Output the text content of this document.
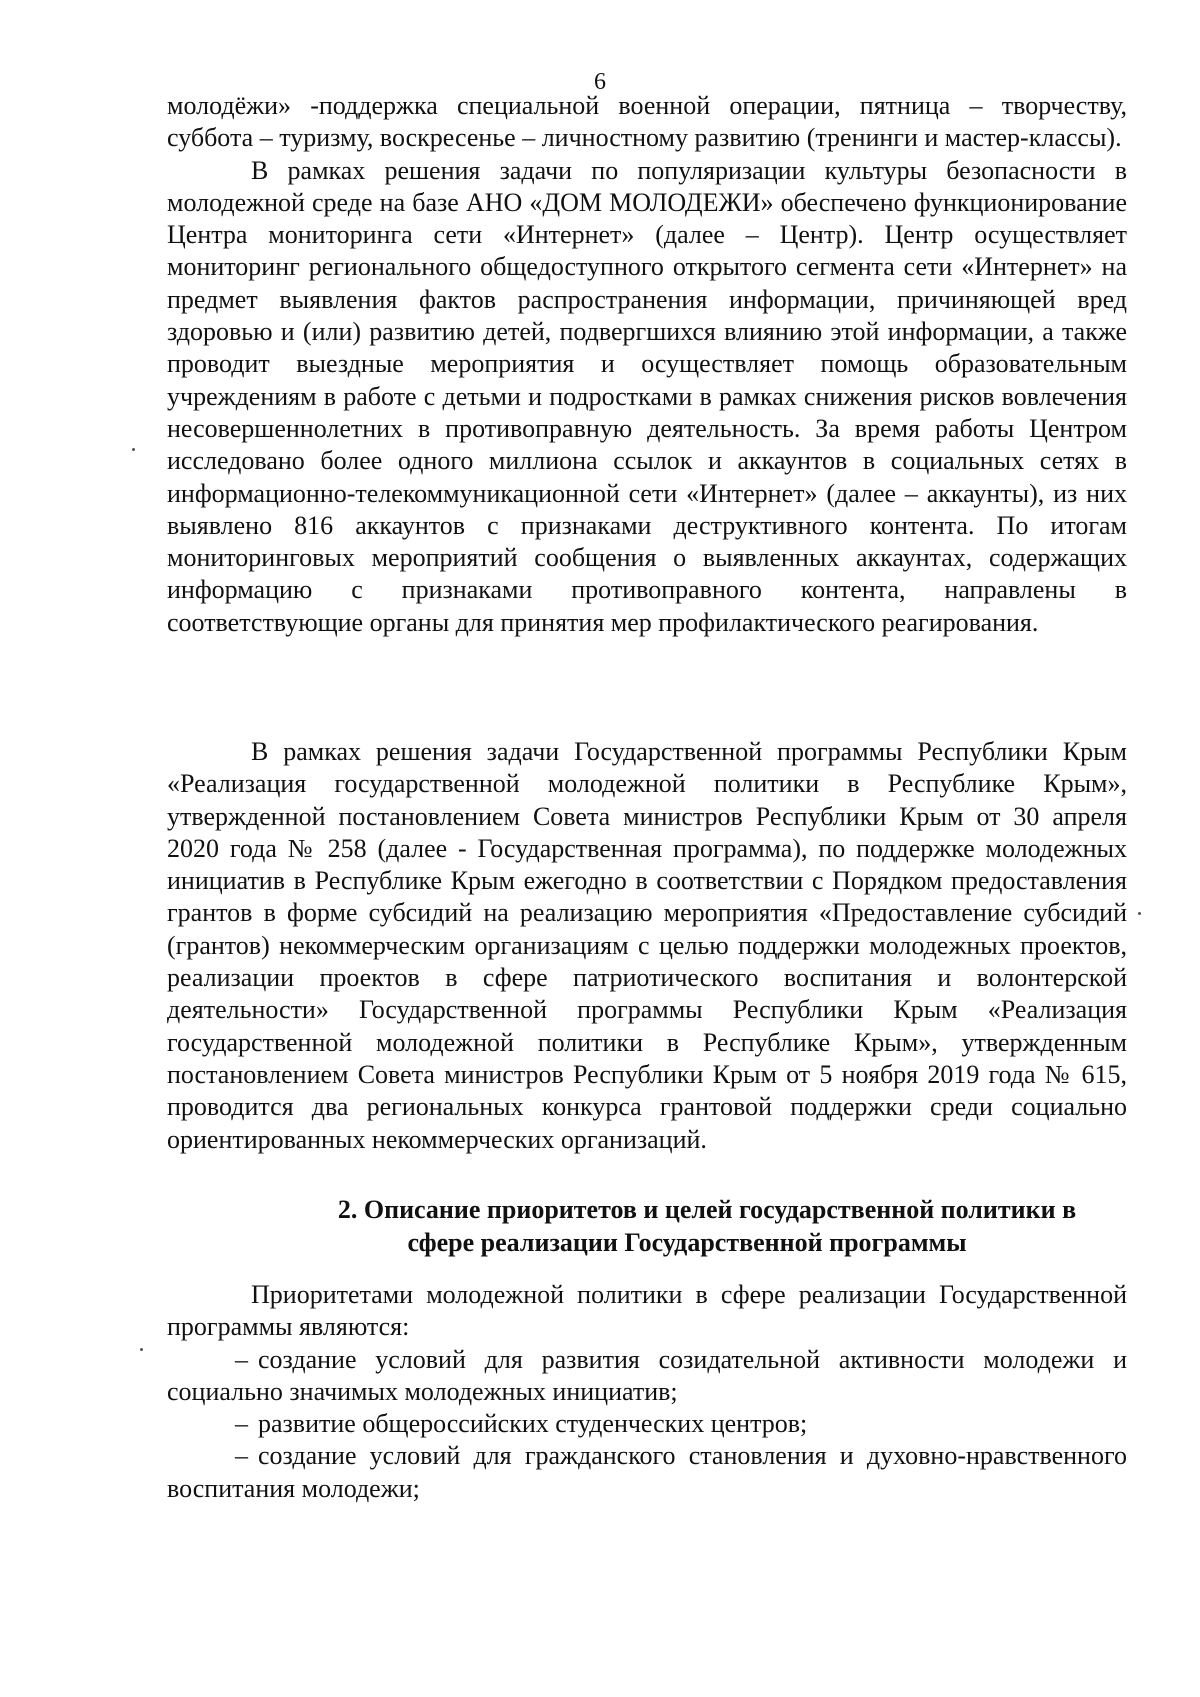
6

молодёжи» -поддержка специальной военной операции, пятница – творчеству, суббота – туризму, воскресенье – личностному развитию (тренинги и мастер-классы).

В рамках решения задачи по популяризации культуры безопасности в молодежной среде на базе АНО «ДОМ МОЛОДЕЖИ» обеспечено функционирование Центра мониторинга сети «Интернет» (далее – Центр). Центр осуществляет мониторинг регионального общедоступного открытого сегмента сети «Интернет» на предмет выявления фактов распространения информации, причиняющей вред здоровью и (или) развитию детей, подвергшихся влиянию этой информации, а также проводит выездные мероприятия и осуществляет помощь образовательным учреждениям в работе с детьми и подростками в рамках снижения рисков вовлечения несовершеннолетних в противоправную деятельность. За время работы Центром исследовано более одного миллиона ссылок и аккаунтов в социальных сетях в информационно-телекоммуникационной сети «Интернет» (далее – аккаунты), из них выявлено 816 аккаунтов с признаками деструктивного контента. По итогам мониторинговых мероприятий сообщения о выявленных аккаунтах, содержащих информацию с признаками противоправного контента, направлены в соответствующие органы для принятия мер профилактического реагирования.

В рамках решения задачи Государственной программы Республики Крым «Реализация государственной молодежной политики в Республике Крым», утвержденной постановлением Совета министров Республики Крым от 30 апреля 2020 года № 258 (далее - Государственная программа), по поддержке молодежных инициатив в Республике Крым ежегодно в соответствии с Порядком предоставления грантов в форме субсидий на реализацию мероприятия «Предоставление субсидий (грантов) некоммерческим организациям с целью поддержки молодежных проектов, реализации проектов в сфере патриотического воспитания и волонтерской деятельности» Государственной программы Республики Крым «Реализация государственной молодежной политики в Республике Крым», утвержденным постановлением Совета министров Республики Крым от 5 ноября 2019 года № 615, проводится два региональных конкурса грантовой поддержки среди социально ориентированных некоммерческих организаций.

2. Описание приоритетов и целей государственной политики в
сфере реализации Государственной программы

Приоритетами молодежной политики в сфере реализации Государственной программы являются:

– создание условий для развития созидательной активности молодежи и социально значимых молодежных инициатив;

– развитие общероссийских студенческих центров;

– создание условий для гражданского становления и духовно-нравственного воспитания молодежи;
